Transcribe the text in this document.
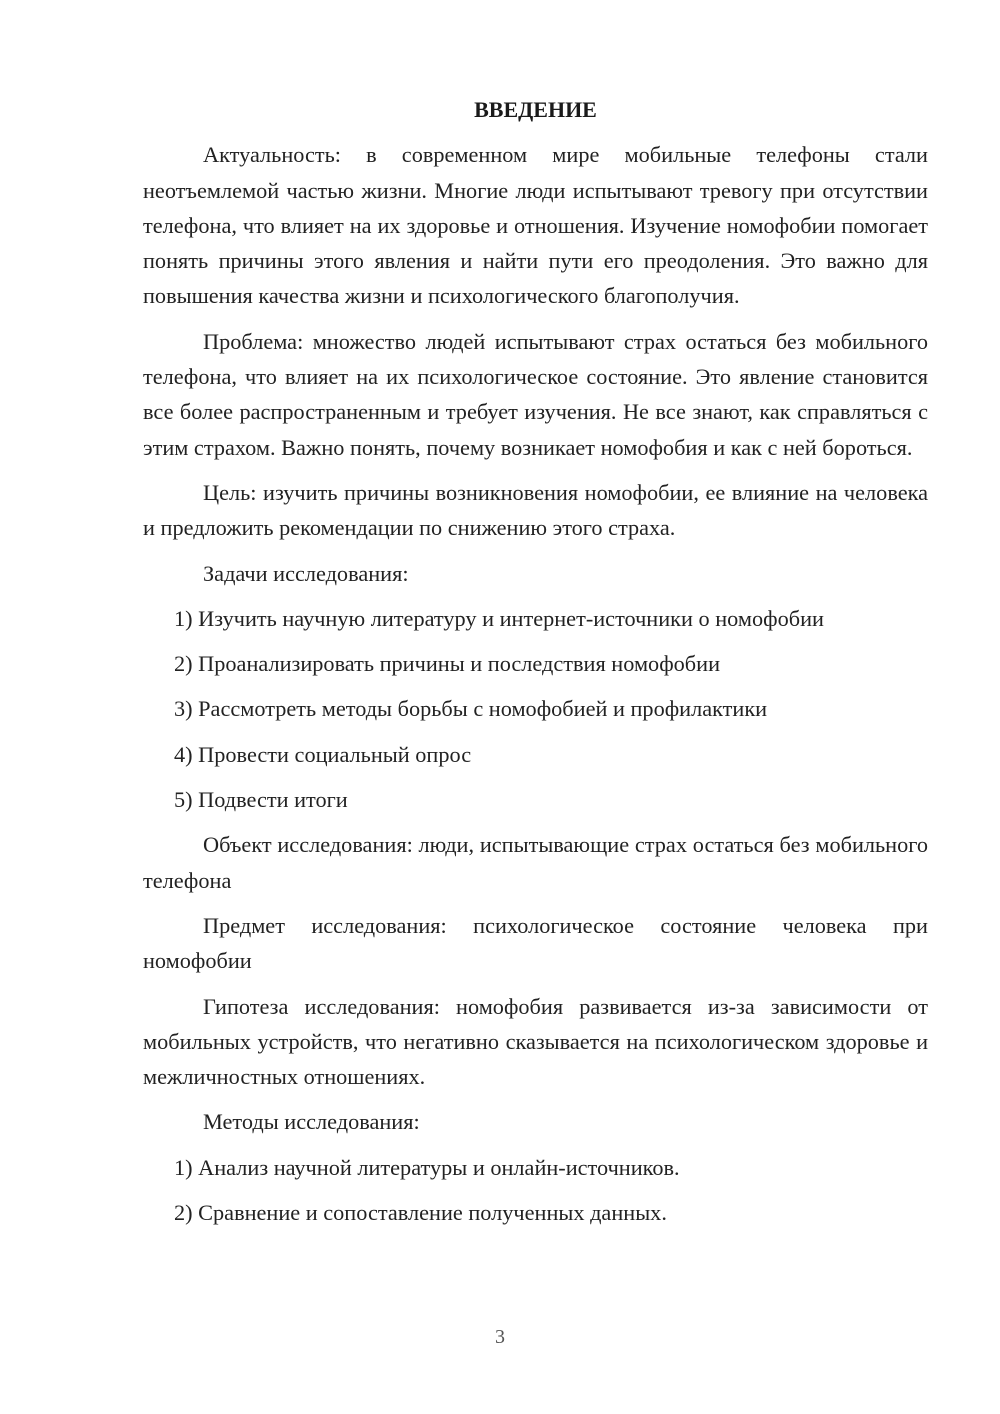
ВВЕДЕНИЕ

Актуальность: в современном мире мобильные телефоны стали неотъемлемой частью жизни. Многие люди испытывают тревогу при отсутствии телефона, что влияет на их здоровье и отношения. Изучение номофобии помогает понять причины этого явления и найти пути его преодоления. Это важно для повышения качества жизни и психологического благополучия.

Проблема: множество людей испытывают страх остаться без мобильного телефона, что влияет на их психологическое состояние. Это явление становится все более распространенным и требует изучения. Не все знают, как справляться с этим страхом. Важно понять, почему возникает номофобия и как с ней бороться.

Цель: изучить причины возникновения номофобии, ее влияние на человека и предложить рекомендации по снижению этого страха.

Задачи исследования:

1) Изучить научную литературу и интернет-источники о номофобии

2) Проанализировать причины и последствия номофобии

3) Рассмотреть методы борьбы с номофобией и профилактики

4) Провести социальный опрос

5) Подвести итоги

Объект исследования: люди, испытывающие страх остаться без мобильного телефона

Предмет исследования: психологическое состояние человека при номофобии

Гипотеза исследования: номофобия развивается из-за зависимости от мобильных устройств, что негативно сказывается на психологическом здоровье и межличностных отношениях.

Методы исследования:

1) Анализ научной литературы и онлайн-источников.

2) Сравнение и сопоставление полученных данных.

3
